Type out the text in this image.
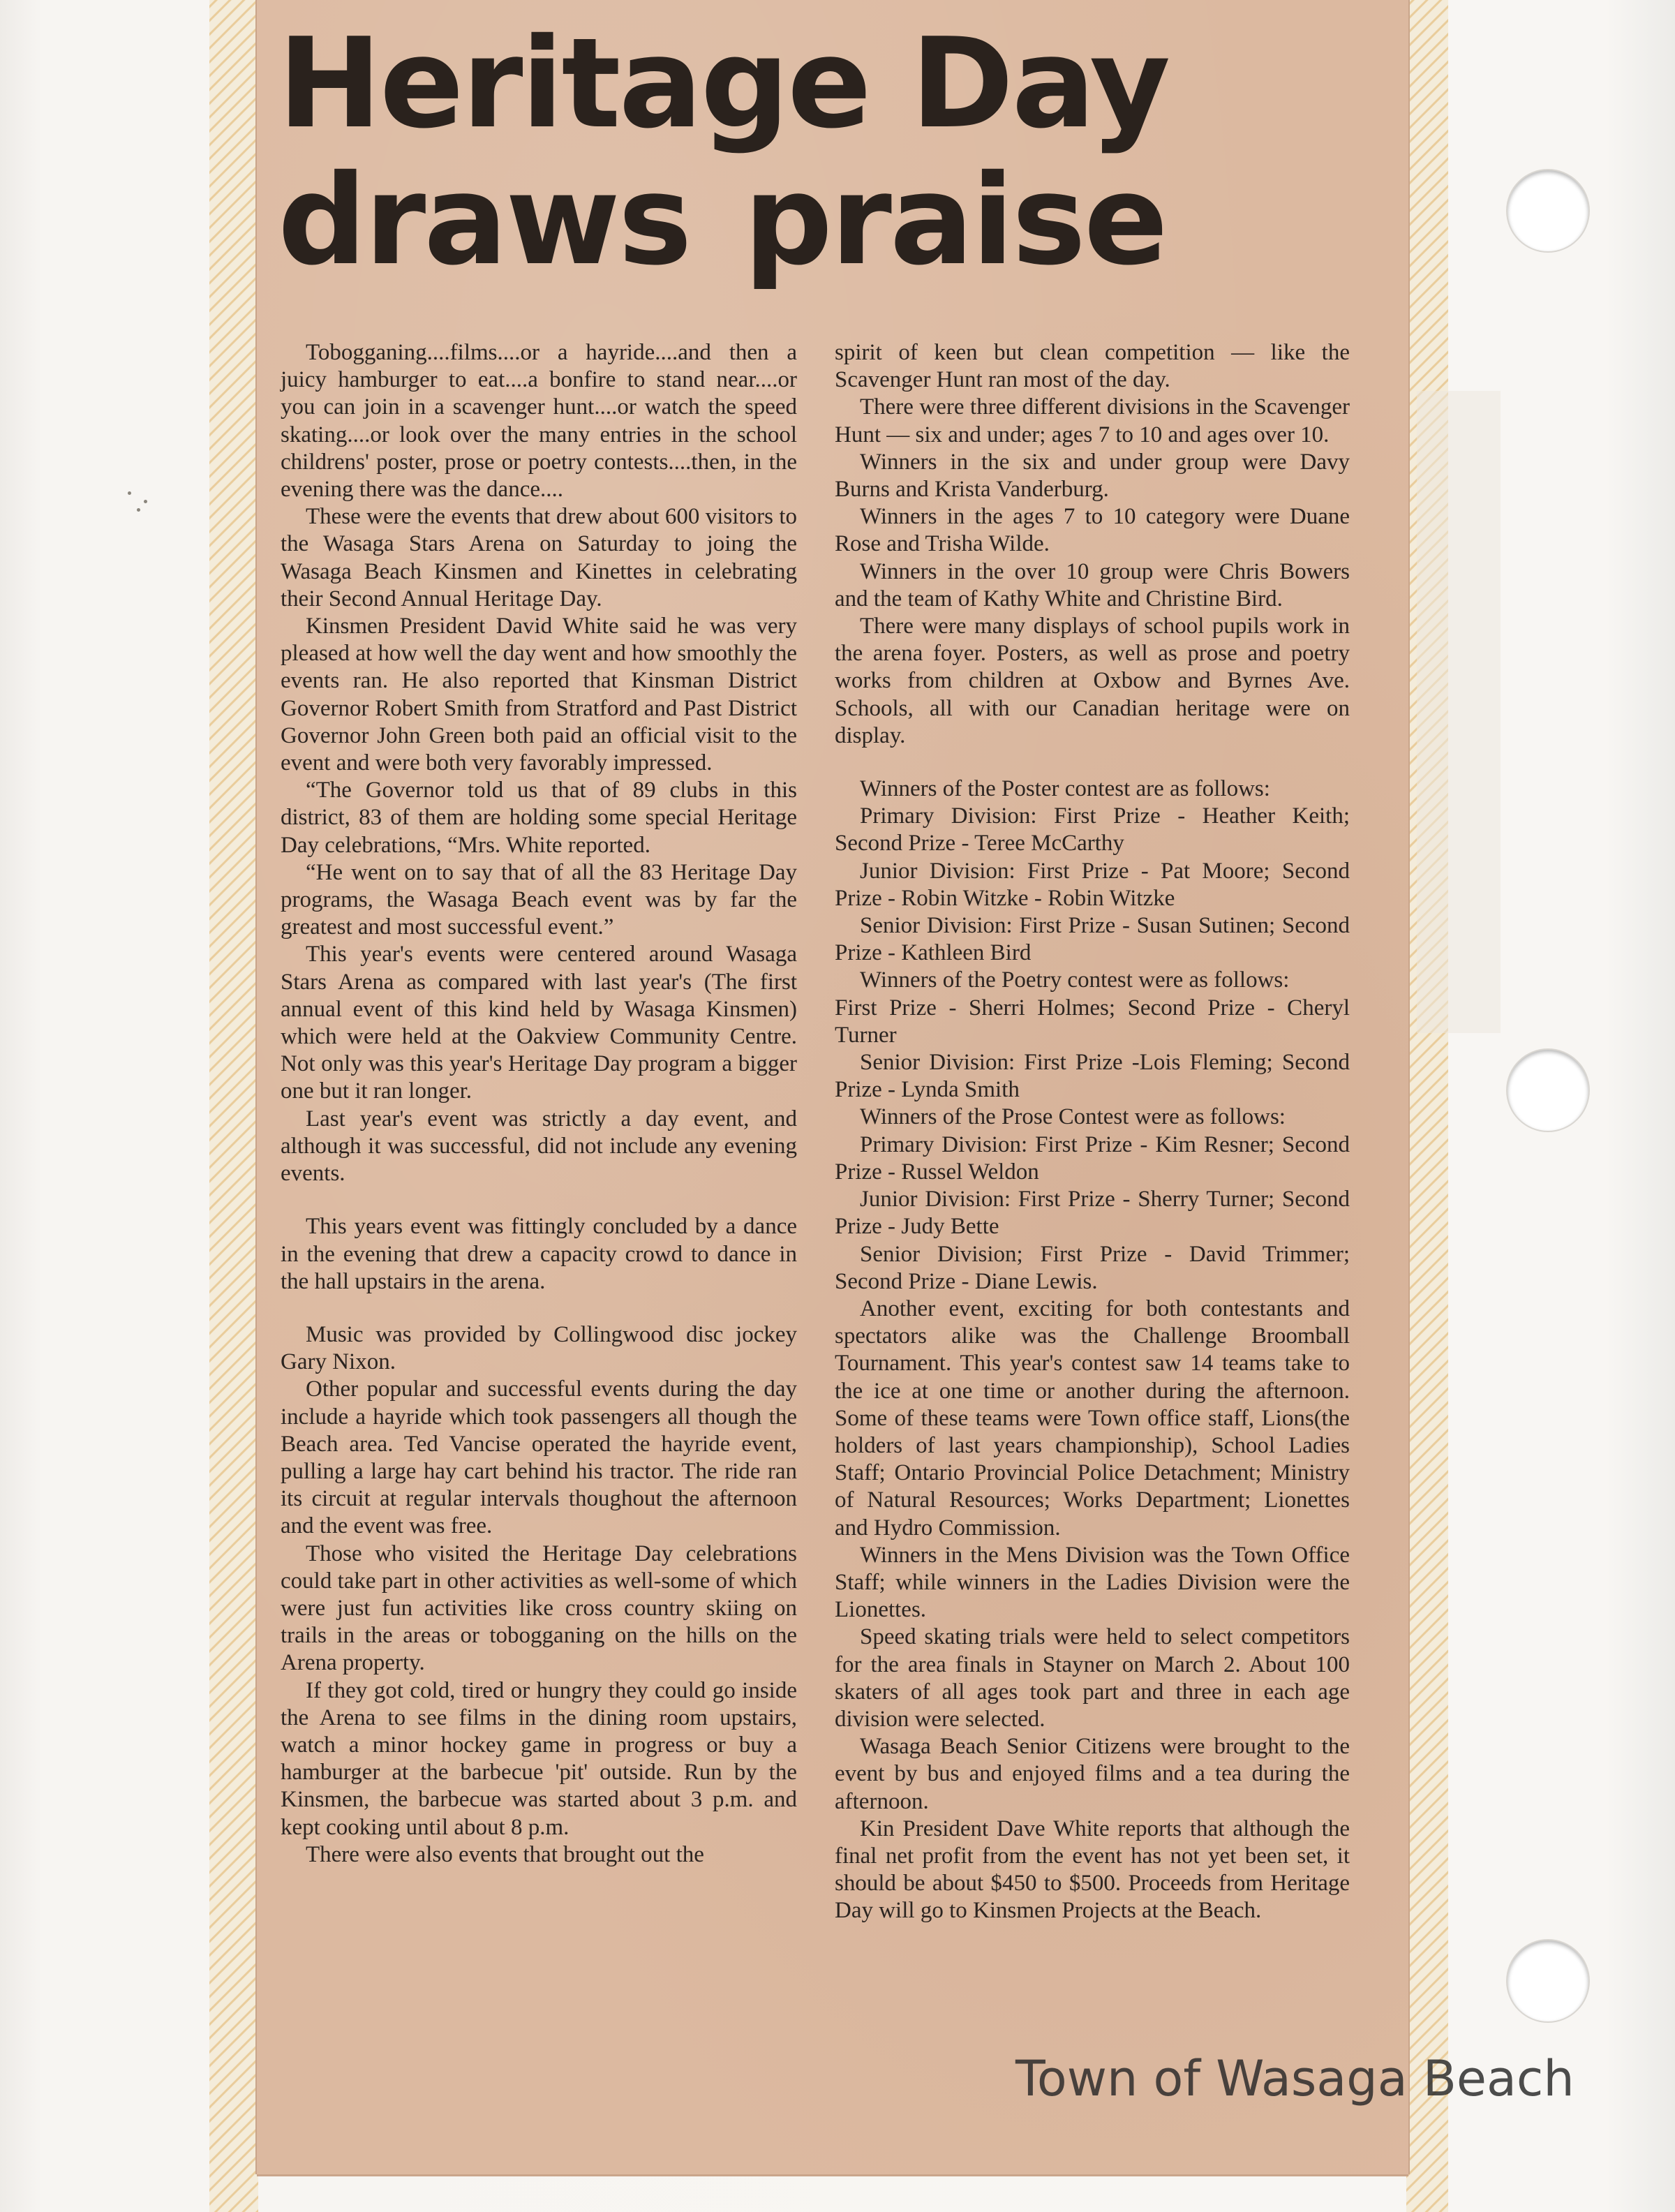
Heritage Day
draws praise

Tobogganing....films....or a hayride....and then a juicy hamburger to eat....a bonfire to stand near....or you can join in a scavenger hunt....or watch the speed skating....or look over the many entries in the school childrens' poster, prose or poetry contests....then, in the evening there was the dance....

These were the events that drew about 600 visitors to the Wasaga Stars Arena on Saturday to joing the Wasaga Beach Kinsmen and Kinettes in celebrating their Second Annual Heritage Day.

Kinsmen President David White said he was very pleased at how well the day went and how smoothly the events ran. He also reported that Kinsman District Governor Robert Smith from Stratford and Past District Governor John Green both paid an official visit to the event and were both very favorably impressed.

“The Governor told us that of 89 clubs in this district, 83 of them are holding some special Heritage Day celebrations, “Mrs. White reported.

“He went on to say that of all the 83 Heritage Day programs, the Wasaga Beach event was by far the greatest and most successful event.”

This year's events were centered around Wasaga Stars Arena as compared with last year's (The first annual event of this kind held by Wasaga Kinsmen) which were held at the Oakview Community Centre. Not only was this year's Heritage Day program a bigger one but it ran longer.

Last year's event was strictly a day event, and although it was successful, did not include any evening events.

This years event was fittingly concluded by a dance in the evening that drew a capacity crowd to dance in the hall upstairs in the arena.

Music was provided by Collingwood disc jockey Gary Nixon.

Other popular and successful events during the day include a hayride which took passengers all though the Beach area. Ted Vancise operated the hayride event, pulling a large hay cart behind his tractor. The ride ran its circuit at regular intervals thoughout the afternoon and the event was free.

Those who visited the Heritage Day celebrations could take part in other activities as well-some of which were just fun activities like cross country skiing on trails in the areas or tobogganing on the hills on the Arena property.

If they got cold, tired or hungry they could go inside the Arena to see films in the dining room upstairs, watch a minor hockey game in progress or buy a hamburger at the barbecue 'pit' outside. Run by the Kinsmen, the barbecue was started about 3 p.m. and kept cooking until about 8 p.m.

There were also events that brought out the

spirit of keen but clean competition — like the Scavenger Hunt ran most of the day.

There were three different divisions in the Scavenger Hunt — six and under; ages 7 to 10 and ages over 10.

Winners in the six and under group were Davy Burns and Krista Vanderburg.

Winners in the ages 7 to 10 category were Duane Rose and Trisha Wilde.

Winners in the over 10 group were Chris Bowers and the team of Kathy White and Christine Bird.

There were many displays of school pupils work in the arena foyer. Posters, as well as prose and poetry works from children at Oxbow and Byrnes Ave. Schools, all with our Canadian heritage were on display.

Winners of the Poster contest are as follows:

Primary Division: First Prize - Heather Keith; Second Prize - Teree McCarthy

Junior Division: First Prize - Pat Moore; Second Prize - Robin Witzke - Robin Witzke

Senior Division: First Prize - Susan Sutinen; Second Prize - Kathleen Bird

Winners of the Poetry contest were as follows:

First Prize - Sherri Holmes; Second Prize - Cheryl Turner

Senior Division: First Prize -Lois Fleming; Second Prize - Lynda Smith

Winners of the Prose Contest were as follows:

Primary Division: First Prize - Kim Resner; Second Prize - Russel Weldon

Junior Division: First Prize - Sherry Turner; Second Prize - Judy Bette

Senior Division; First Prize - David Trimmer; Second Prize - Diane Lewis.

Another event, exciting for both contestants and spectators alike was the Challenge Broomball Tournament. This year's contest saw 14 teams take to the ice at one time or another during the afternoon. Some of these teams were Town office staff, Lions(the holders of last years championship), School Ladies Staff; Ontario Provincial Police Detachment; Ministry of Natural Resources; Works Department; Lionettes and Hydro Commission.

Winners in the Mens Division was the Town Office Staff; while winners in the Ladies Division were the Lionettes.

Speed skating trials were held to select competitors for the area finals in Stayner on March 2. About 100 skaters of all ages took part and three in each age division were selected.

Wasaga Beach Senior Citizens were brought to the event by bus and enjoyed films and a tea during the afternoon.

Kin President Dave White reports that although the final net profit from the event has not yet been set, it should be about $450 to $500. Proceeds from Heritage Day will go to Kinsmen Projects at the Beach.

Town of Wasaga Beach
